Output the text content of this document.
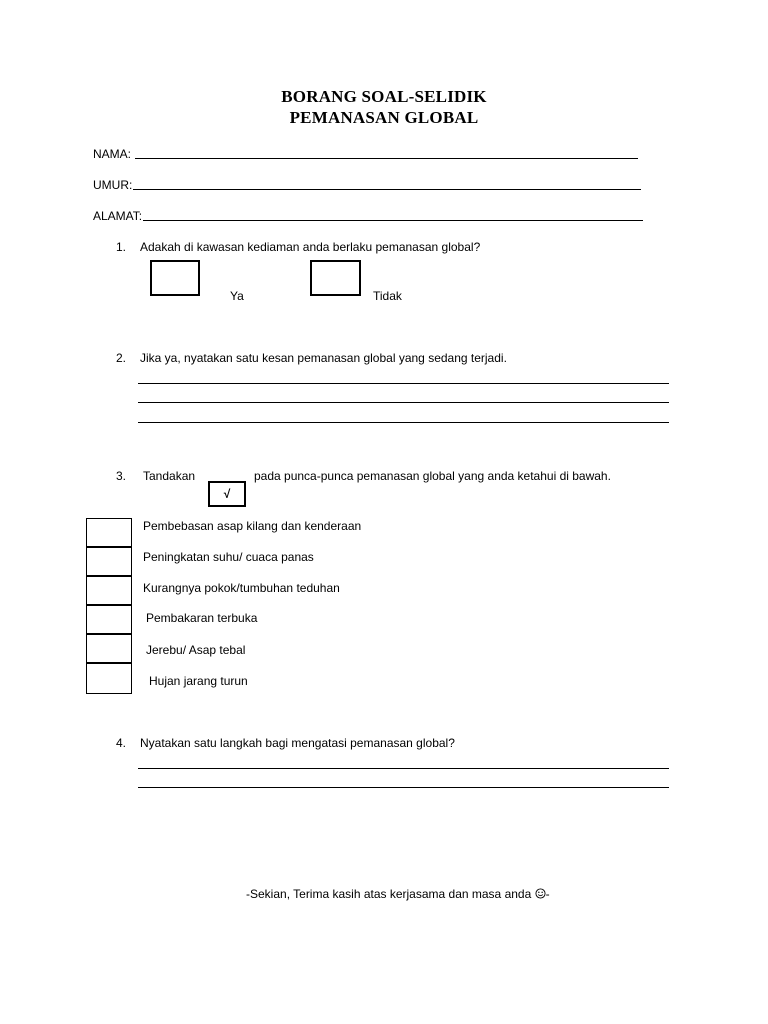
BORANG SOAL-SELIDIK
PEMANASAN GLOBAL
NAMA:
UMUR:
ALAMAT:
1. Adakah di kawasan kediaman anda berlaku pemanasan global?
Ya	Tidak
2. Jika ya, nyatakan satu kesan pemanasan global yang sedang terjadi.
3. Tandakan
√
pada punca-punca pemanasan global yang anda ketahui di bawah.
Pembebasan asap kilang dan kenderaan
Peningkatan suhu/ cuaca panas
Kurangnya pokok/tumbuhan teduhan
Pembakaran terbuka
Jerebu/ Asap tebal
Hujan jarang turun
4. Nyatakan satu langkah bagi mengatasi pemanasan global?
-Sekian, Terima kasih atas kerjasama dan masa anda -
